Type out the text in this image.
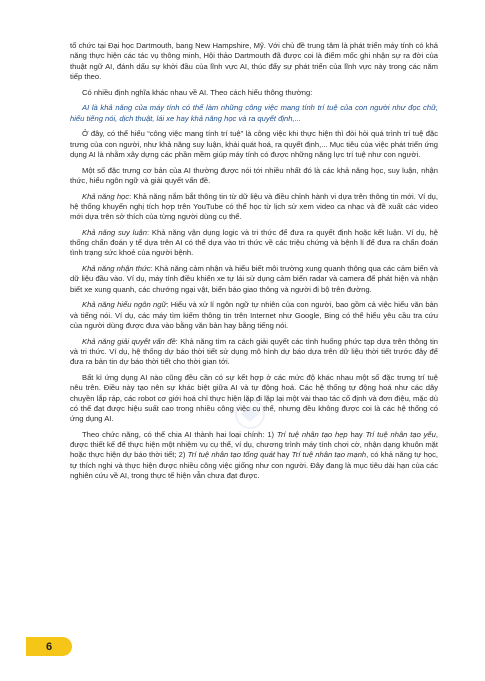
tổ chức tại Đại học Dartmouth, bang New Hampshire, Mỹ. Với chủ đề trung tâm là phát triển máy tính có khả năng thực hiện các tác vụ thông minh, Hội thảo Dartmouth đã được coi là điểm mốc ghi nhận sự ra đời của thuật ngữ AI, đánh dấu sự khởi đầu của lĩnh vực AI, thúc đẩy sự phát triển của lĩnh vực này trong các năm tiếp theo.

Có nhiều định nghĩa khác nhau về AI. Theo cách hiểu thông thường:

AI là khả năng của máy tính có thể làm những công việc mang tính trí tuệ của con người như đọc chữ, hiểu tiếng nói, dịch thuật, lái xe hay khả năng học và ra quyết định,...

Ở đây, có thể hiểu “công việc mang tính trí tuệ” là công việc khi thực hiện thì đòi hỏi quá trình trí tuệ đặc trưng của con người, như khả năng suy luận, khái quát hoá, ra quyết định,... Mục tiêu của việc phát triển ứng dụng AI là nhằm xây dựng các phần mềm giúp máy tính có được những năng lực trí tuệ như con người.

Một số đặc trưng cơ bản của AI thường được nói tới nhiều nhất đó là các khả năng học, suy luận, nhận thức, hiểu ngôn ngữ và giải quyết vấn đề.

Khả năng học: Khả năng nắm bắt thông tin từ dữ liệu và điều chỉnh hành vi dựa trên thông tin mới. Ví dụ, hệ thống khuyến nghị tích hợp trên YouTube có thể học từ lịch sử xem video ca nhạc và đề xuất các video mới dựa trên sở thích của từng người dùng cụ thể.

Khả năng suy luận: Khả năng vận dụng logic và tri thức để đưa ra quyết định hoặc kết luận. Ví dụ, hệ thống chẩn đoán y tế dựa trên AI có thể dựa vào tri thức về các triệu chứng và bệnh lí để đưa ra chẩn đoán tình trạng sức khoẻ của người bệnh.

Khả năng nhận thức: Khả năng cảm nhận và hiểu biết môi trường xung quanh thông qua các cảm biến và dữ liệu đầu vào. Ví dụ, máy tính điều khiển xe tự lái sử dụng cảm biến radar và camera để phát hiện và nhận biết xe xung quanh, các chướng ngại vật, biển báo giao thông và người đi bộ trên đường.

Khả năng hiểu ngôn ngữ: Hiểu và xử lí ngôn ngữ tự nhiên của con người, bao gồm cả việc hiểu văn bản và tiếng nói. Ví dụ, các máy tìm kiếm thông tin trên Internet như Google, Bing có thể hiểu yêu cầu tra cứu của người dùng được đưa vào bằng văn bản hay bằng tiếng nói.

Khả năng giải quyết vấn đề: Khả năng tìm ra cách giải quyết các tình huống phức tạp dựa trên thông tin và tri thức. Ví dụ, hệ thống dự báo thời tiết sử dụng mô hình dự báo dựa trên dữ liệu thời tiết trước đây để đưa ra bản tin dự báo thời tiết cho thời gian tới.

Bất kì ứng dụng AI nào cũng đều cần có sự kết hợp ở các mức độ khác nhau một số đặc trưng trí tuệ nêu trên. Điều này tạo nên sự khác biệt giữa AI và tự động hoá. Các hệ thống tự động hoá như các dây chuyền lắp ráp, các robot cơ giới hoá chỉ thực hiện lặp đi lặp lại một vài thao tác cố định và đơn điệu, mặc dù có thể đạt được hiệu suất cao trong nhiều công việc cụ thể, nhưng đều không được coi là các hệ thống có ứng dụng AI.

Theo chức năng, có thể chia AI thành hai loại chính: 1) Trí tuệ nhân tạo hẹp hay Trí tuệ nhân tạo yếu, được thiết kế để thực hiện một nhiệm vụ cụ thể, ví dụ, chương trình máy tính chơi cờ, nhận dạng khuôn mặt hoặc thực hiện dự báo thời tiết; 2) Trí tuệ nhân tạo tổng quát hay Trí tuệ nhân tạo mạnh, có khả năng tự học, tự thích nghi và thực hiện được nhiều công việc giống như con người. Đây đang là mục tiêu dài hạn của các nghiên cứu về AI, trong thực tế hiện vẫn chưa đạt được.

6
